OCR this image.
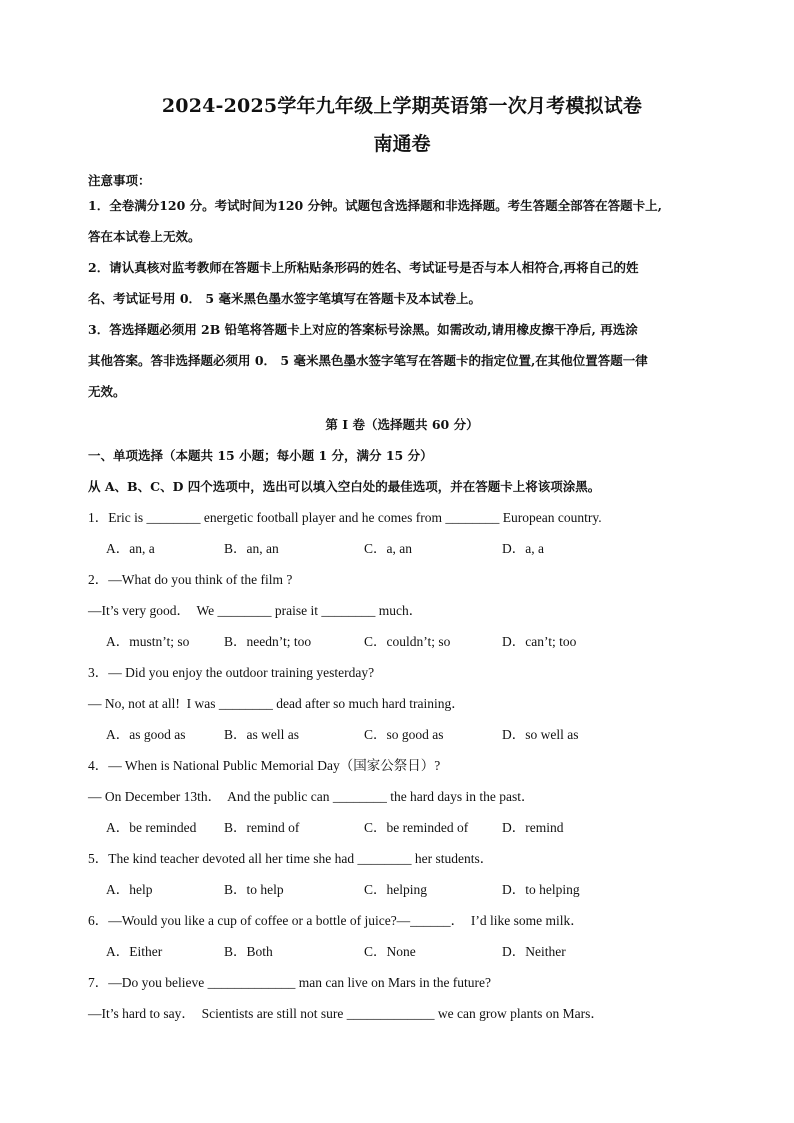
2024-2025学年九年级上学期英语第一次月考模拟试卷
南通卷
注意事项：
1．全卷满分120 分。考试时间为120 分钟。试题包含选择题和非选择题。考生答题全部答在答题卡上,
答在本试卷上无效。
2．请认真核对监考教师在答题卡上所粘贴条形码的姓名、考试证号是否与本人相符合,再将自己的姓
名、考试证号用 0． 5 毫米黑色墨水签字笔填写在答题卡及本试卷上。
3．答选择题必须用 2B 铅笔将答题卡上对应的答案标号涂黑。如需改动,请用橡皮擦干净后, 再选涂
其他答案。答非选择题必须用 0． 5 毫米黑色墨水签字笔写在答题卡的指定位置,在其他位置答题一律
无效。
第 I 卷（选择题共 60 分）
一、单项选择（本题共 15 小题；每小题 1 分，满分 15 分）
从 A、B、C、D 四个选项中，选出可以填入空白处的最佳选项，并在答题卡上将该项涂黑。
1．Eric is ________ energetic football player and he comes from ________ European country.
A．an, a	B．an, an	C．a, an	D．a, a
2．—What do you think of the film ?
—It’s very good．  We ________ praise it ________ much．
A．mustn’t; so	B．needn’t; too	C．couldn’t; so	D．can’t; too
3．— Did you enjoy the outdoor training yesterday?
— No, not at all!  I was ________ dead after so much hard training．
A．as good as	B．as well as	C．so good as	D．so well as
4．— When is National Public Memorial Day（国家公祭日）?
— On December 13th．  And the public can ________ the hard days in the past．
A．be reminded	B．remind of	C．be reminded of	D．remind
5．The kind teacher devoted all her time she had ________ her students．
A．help	B．to help	C．helping	D．to helping
6．—Would you like a cup of coffee or a bottle of juice?—______．  I’d like some milk．
A．Either	B．Both	C．None	D．Neither
7．—Do you believe _____________ man can live on Mars in the future?
—It’s hard to say．  Scientists are still not sure _____________ we can grow plants on Mars．
